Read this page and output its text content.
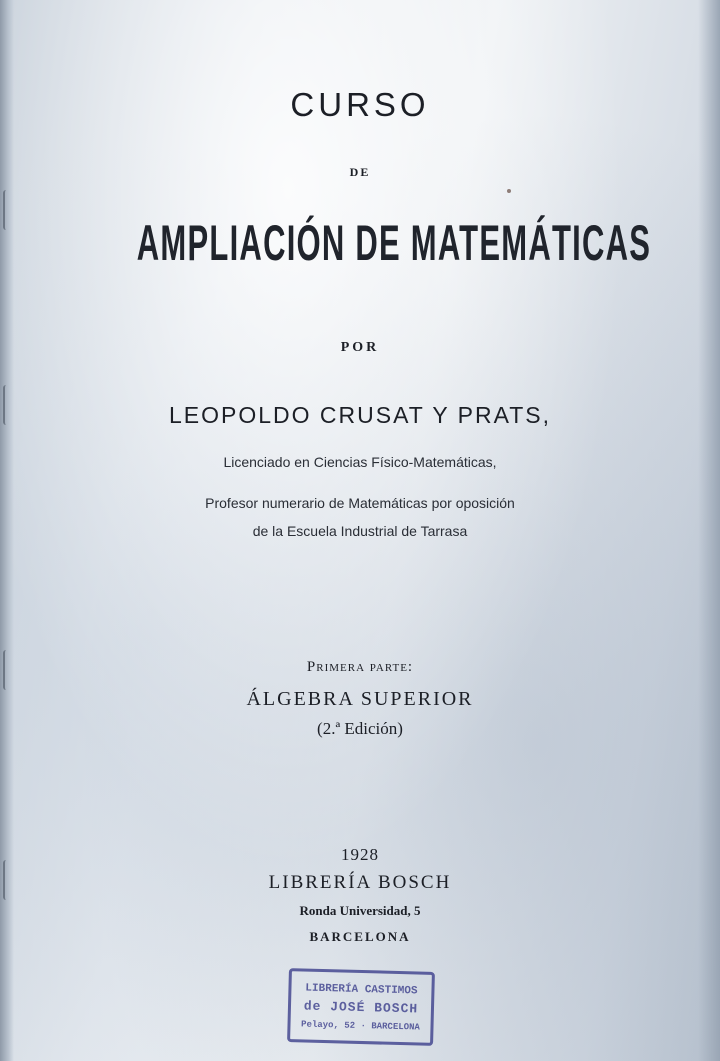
CURSO
DE
AMPLIACIÓN DE MATEMÁTICAS
POR
LEOPOLDO CRUSAT Y PRATS,
Licenciado en Ciencias Físico-Matemáticas,
Profesor numerario de Matemáticas por oposición
de la Escuela Industrial de Tarrasa
Primera parte:
ÁLGEBRA SUPERIOR
(2.ª Edición)
1928
LIBRERÍA BOSCH
Ronda Universidad, 5
BARCELONA
LIBRERÍA CASTIMOS
de JOSÉ BOSCH
Pelayo, 52 · BARCELONA
